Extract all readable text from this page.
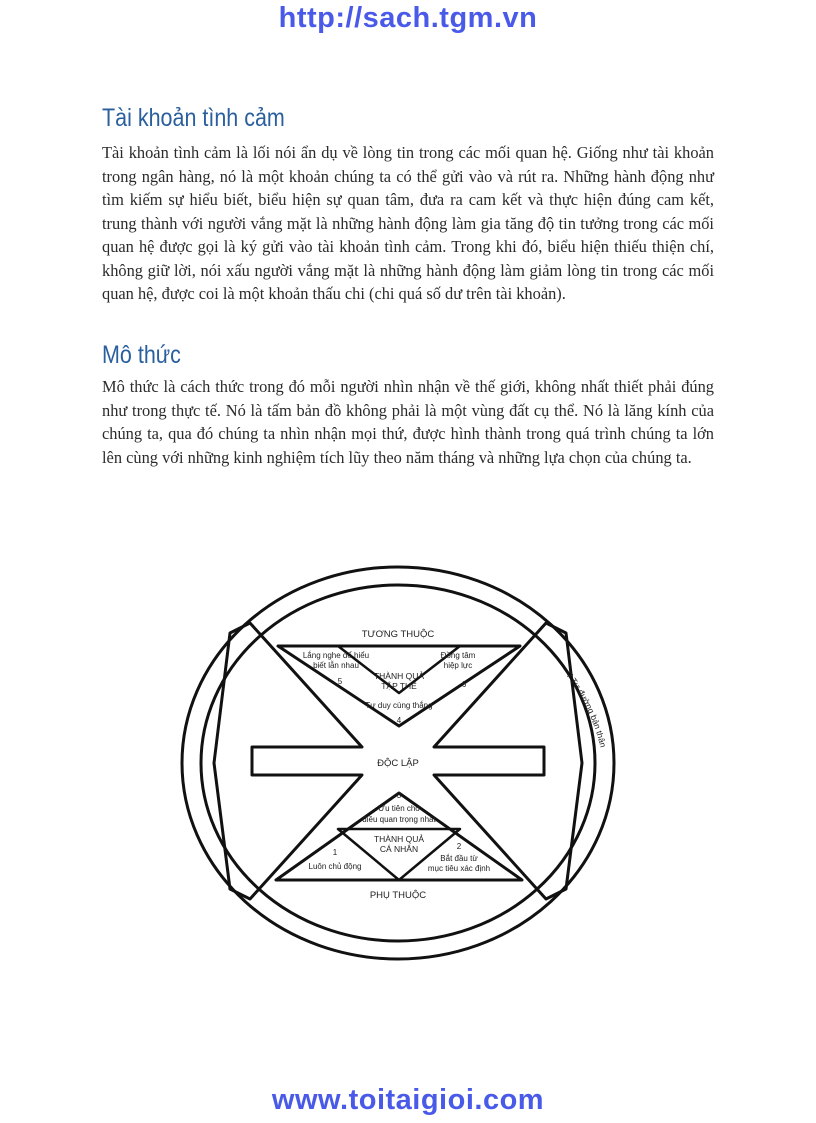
http://sach.tgm.vn
Tài khoản tình cảm

Tài khoản tình cảm là lối nói ẩn dụ về lòng tin trong các mối quan hệ. Giống như tài khoản trong ngân hàng, nó là một khoản chúng ta có thể gửi vào và rút ra. Những hành động như tìm kiếm sự hiểu biết, biểu hiện sự quan tâm, đưa ra cam kết và thực hiện đúng cam kết, trung thành với người vắng mặt là những hành động làm gia tăng độ tin tưởng trong các mối quan hệ được gọi là ký gửi vào tài khoản tình cảm. Trong khi đó, biểu hiện thiếu thiện chí, không giữ lời, nói xấu người vắng mặt là những hành động làm giảm lòng tin trong các mối quan hệ, được coi là một khoản thấu chi (chi quá số dư trên tài khoản).

Mô thức

Mô thức là cách thức trong đó mỗi người nhìn nhận về thế giới, không nhất thiết phải đúng như trong thực tế. Nó là tấm bản đồ không phải là một vùng đất cụ thể. Nó là lăng kính của chúng ta, qua đó chúng ta nhìn nhận mọi thứ, được hình thành trong quá trình chúng ta lớn lên cùng với những kinh nghiệm tích lũy theo năm tháng và những lựa chọn của chúng ta.

TƯƠNG THUỘC
ĐỘC LẬP
PHỤ THUỘC
7 Tự đường bản thân
THÀNH QUẢ
TẬP THỂ
Lắng nghe để hiểu
biết lẫn nhau
5
Đồng tâm
hiệp lực
6
Tư duy cùng thắng
4
3
Ưu tiên cho
điều quan trọng nhất
THÀNH QUẢ
CÁ NHÂN
1
Luôn chủ động
2
Bắt đầu từ
mục tiêu xác định
www.toitaigioi.com
